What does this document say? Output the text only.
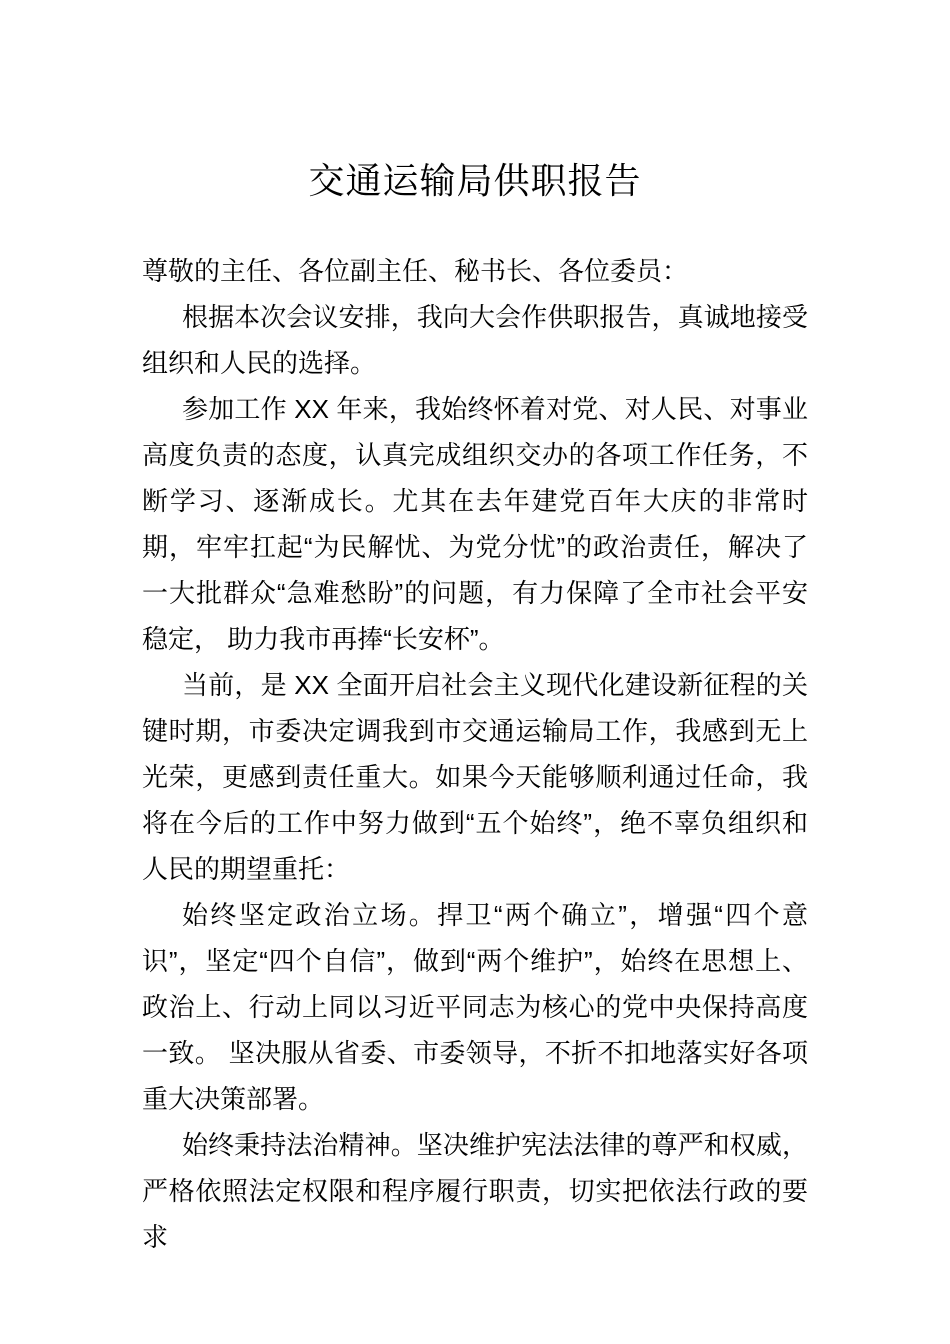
交通运输局供职报告

尊敬的主任、各位副主任、秘书长、各位委员：

根据本次会议安排，我向大会作供职报告，真诚地接受组织和人民的选择。

参加工作 XX 年来，我始终怀着对党、对人民、对事业高度负责的态度，认真完成组织交办的各项工作任务，不断学习、逐渐成长。尤其在去年建党百年大庆的非常时期，牢牢扛起“为民解忧、为党分忧”的政治责任，解决了一大批群众“急难愁盼”的问题，有力保障了全市社会平安稳定， 助力我市再捧“长安杯”。

当前，是 XX 全面开启社会主义现代化建设新征程的关键时期，市委决定调我到市交通运输局工作，我感到无上光荣，更感到责任重大。如果今天能够顺利通过任命，我将在今后的工作中努力做到“五个始终”，绝不辜负组织和人民的期望重托：

始终坚定政治立场。捍卫“两个确立”，增强“四个意识”，坚定“四个自信”，做到“两个维护”，始终在思想上、政治上、行动上同以习近平同志为核心的党中央保持高度一致。 坚决服从省委、市委领导，不折不扣地落实好各项重大决策部署。

始终秉持法治精神。坚决维护宪法法律的尊严和权威，严格依照法定权限和程序履行职责，切实把依法行政的要求
